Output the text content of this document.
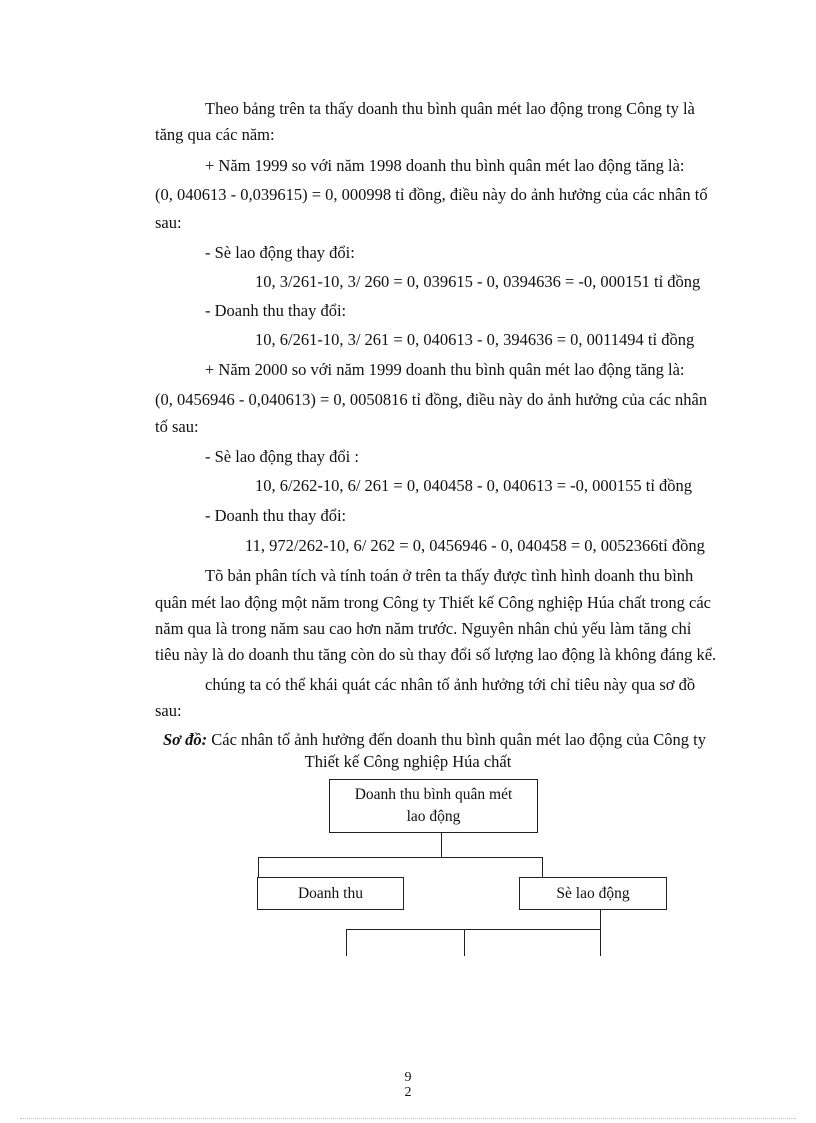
Theo bảng trên ta thấy doanh thu bình quân mét lao động trong Công ty là
tăng qua các năm:
+ Năm 1999 so với năm 1998 doanh thu bình quân mét lao động tăng là:
(0, 040613 - 0,039615) = 0, 000998 tỉ đồng, điều này do ảnh hưởng của các nhân tố
sau:
- Sè lao động thay đổi:
10, 3/261-10, 3/ 260 = 0, 039615 - 0, 0394636 = -0, 000151 tỉ đồng
- Doanh thu thay đổi:
10, 6/261-10, 3/ 261 = 0, 040613 - 0, 394636 = 0, 0011494 tỉ đồng
+ Năm 2000 so với năm 1999 doanh thu bình quân mét lao động tăng là:
(0, 0456946 - 0,040613) = 0, 0050816 tỉ đồng, điều này do ảnh hưởng của các nhân
tố sau:
- Sè lao động thay đổi :
10, 6/262-10, 6/ 261 = 0, 040458 - 0, 040613 = -0, 000155 tỉ đồng
- Doanh thu thay đổi:
11, 972/262-10, 6/ 262 = 0, 0456946 - 0, 040458 = 0, 0052366tỉ đồng
Tõ bản phân tích và tính toán ở trên ta thấy được tình hình doanh thu bình
quân mét lao động một năm trong Công ty Thiết kế Công nghiệp Húa chất trong các
năm qua là trong năm sau cao hơn năm trước. Nguyên nhân chủ yếu làm tăng chỉ
tiêu này là do doanh thu tăng còn do sù thay đổi số lượng lao động là không đáng kể.
chúng ta có thể khái quát các nhân tố ảnh hưởng tới chỉ tiêu này qua sơ đồ
sau:
Sơ đồ: Các nhân tố ảnh hưởng đến doanh thu bình quân mét lao động của Công ty
Thiết kế Công nghiệp Húa chất
Doanh thu bình quân mét
lao động
Doanh thu	Sè lao động
9
2
